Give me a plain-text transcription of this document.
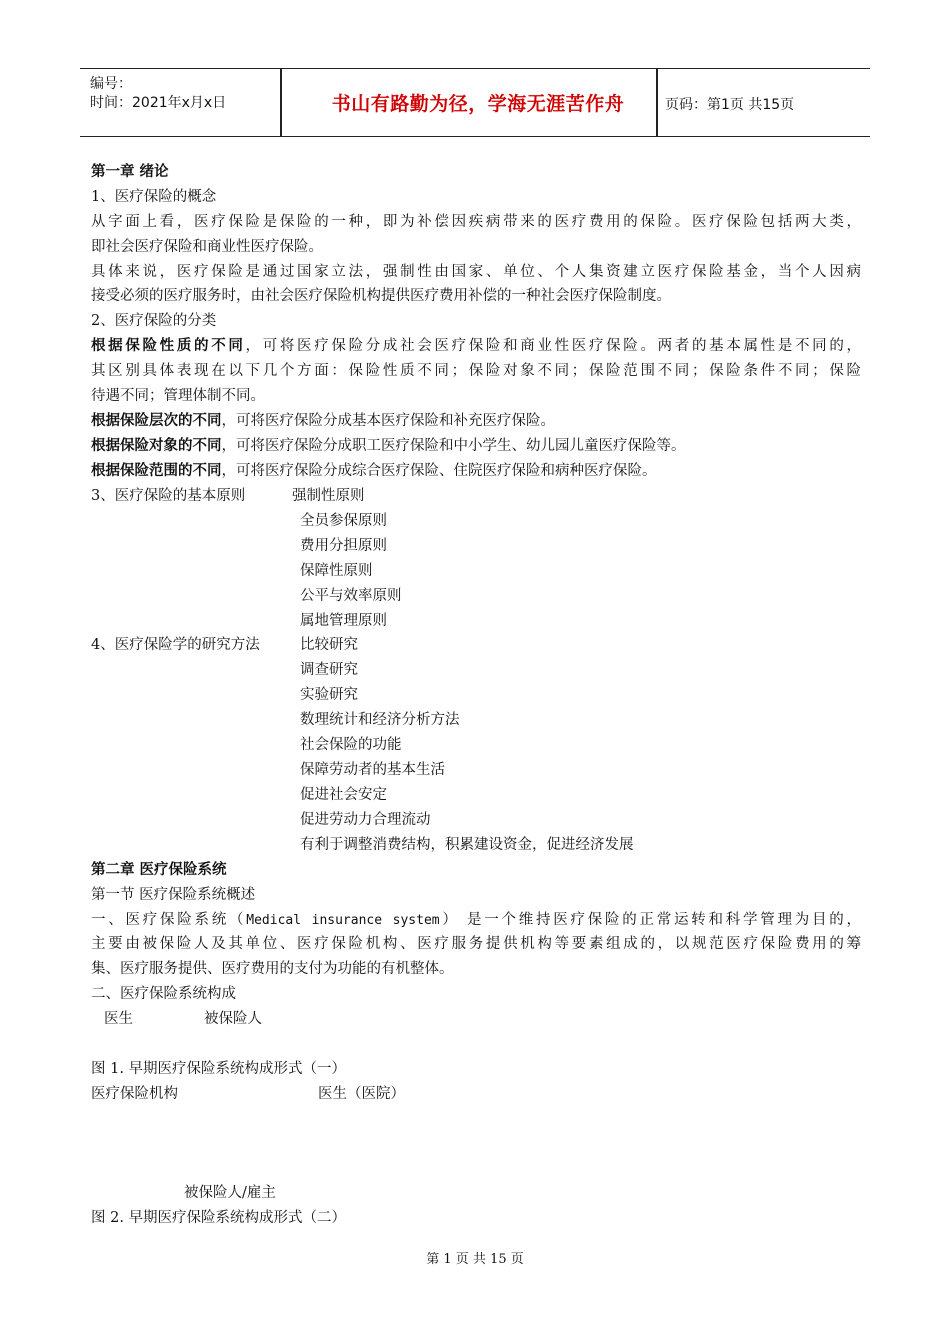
编号：
时间：2021年x月x日	书山有路勤为径，学海无涯苦作舟	页码：第1页 共15页
第一章 绪论
1、医疗保险的概念
从字面上看，医疗保险是保险的一种，即为补偿因疾病带来的医疗费用的保险。医疗保险包括两大类，
即社会医疗保险和商业性医疗保险。
具体来说，医疗保险是通过国家立法，强制性由国家、单位、个人集资建立医疗保险基金，当个人因病
接受必须的医疗服务时，由社会医疗保险机构提供医疗费用补偿的一种社会医疗保险制度。
2、医疗保险的分类
根据保险性质的不同，可将医疗保险分成社会医疗保险和商业性医疗保险。两者的基本属性是不同的，
其区别具体表现在以下几个方面：保险性质不同；保险对象不同；保险范围不同；保险条件不同；保险
待遇不同；管理体制不同。
根据保险层次的不同，可将医疗保险分成基本医疗保险和补充医疗保险。
根据保险对象的不同，可将医疗保险分成职工医疗保险和中小学生、幼儿园儿童医疗保险等。
根据保险范围的不同，可将医疗保险分成综合医疗保险、住院医疗保险和病种医疗保险。
3、医疗保险的基本原则	强制性原则
全员参保原则
费用分担原则
保障性原则
公平与效率原则
属地管理原则
4、医疗保险学的研究方法	比较研究
调查研究
实验研究
数理统计和经济分析方法
社会保险的功能
保障劳动者的基本生活
促进社会安定
促进劳动力合理流动
有利于调整消费结构，积累建设资金，促进经济发展
第二章 医疗保险系统
第一节 医疗保险系统概述
一、医疗保险系统（Medical insurance system） 是一个维持医疗保险的正常运转和科学管理为目的，
主要由被保险人及其单位、医疗保险机构、医疗服务提供机构等要素组成的，以规范医疗保险费用的筹
集、医疗服务提供、医疗费用的支付为功能的有机整体。
二、医疗保险系统构成
医生	被保险人
图 1. 早期医疗保险系统构成形式（一）
医疗保险机构	医生（医院）
被保险人/雇主
图 2. 早期医疗保险系统构成形式（二）
第 1 页 共 15 页
